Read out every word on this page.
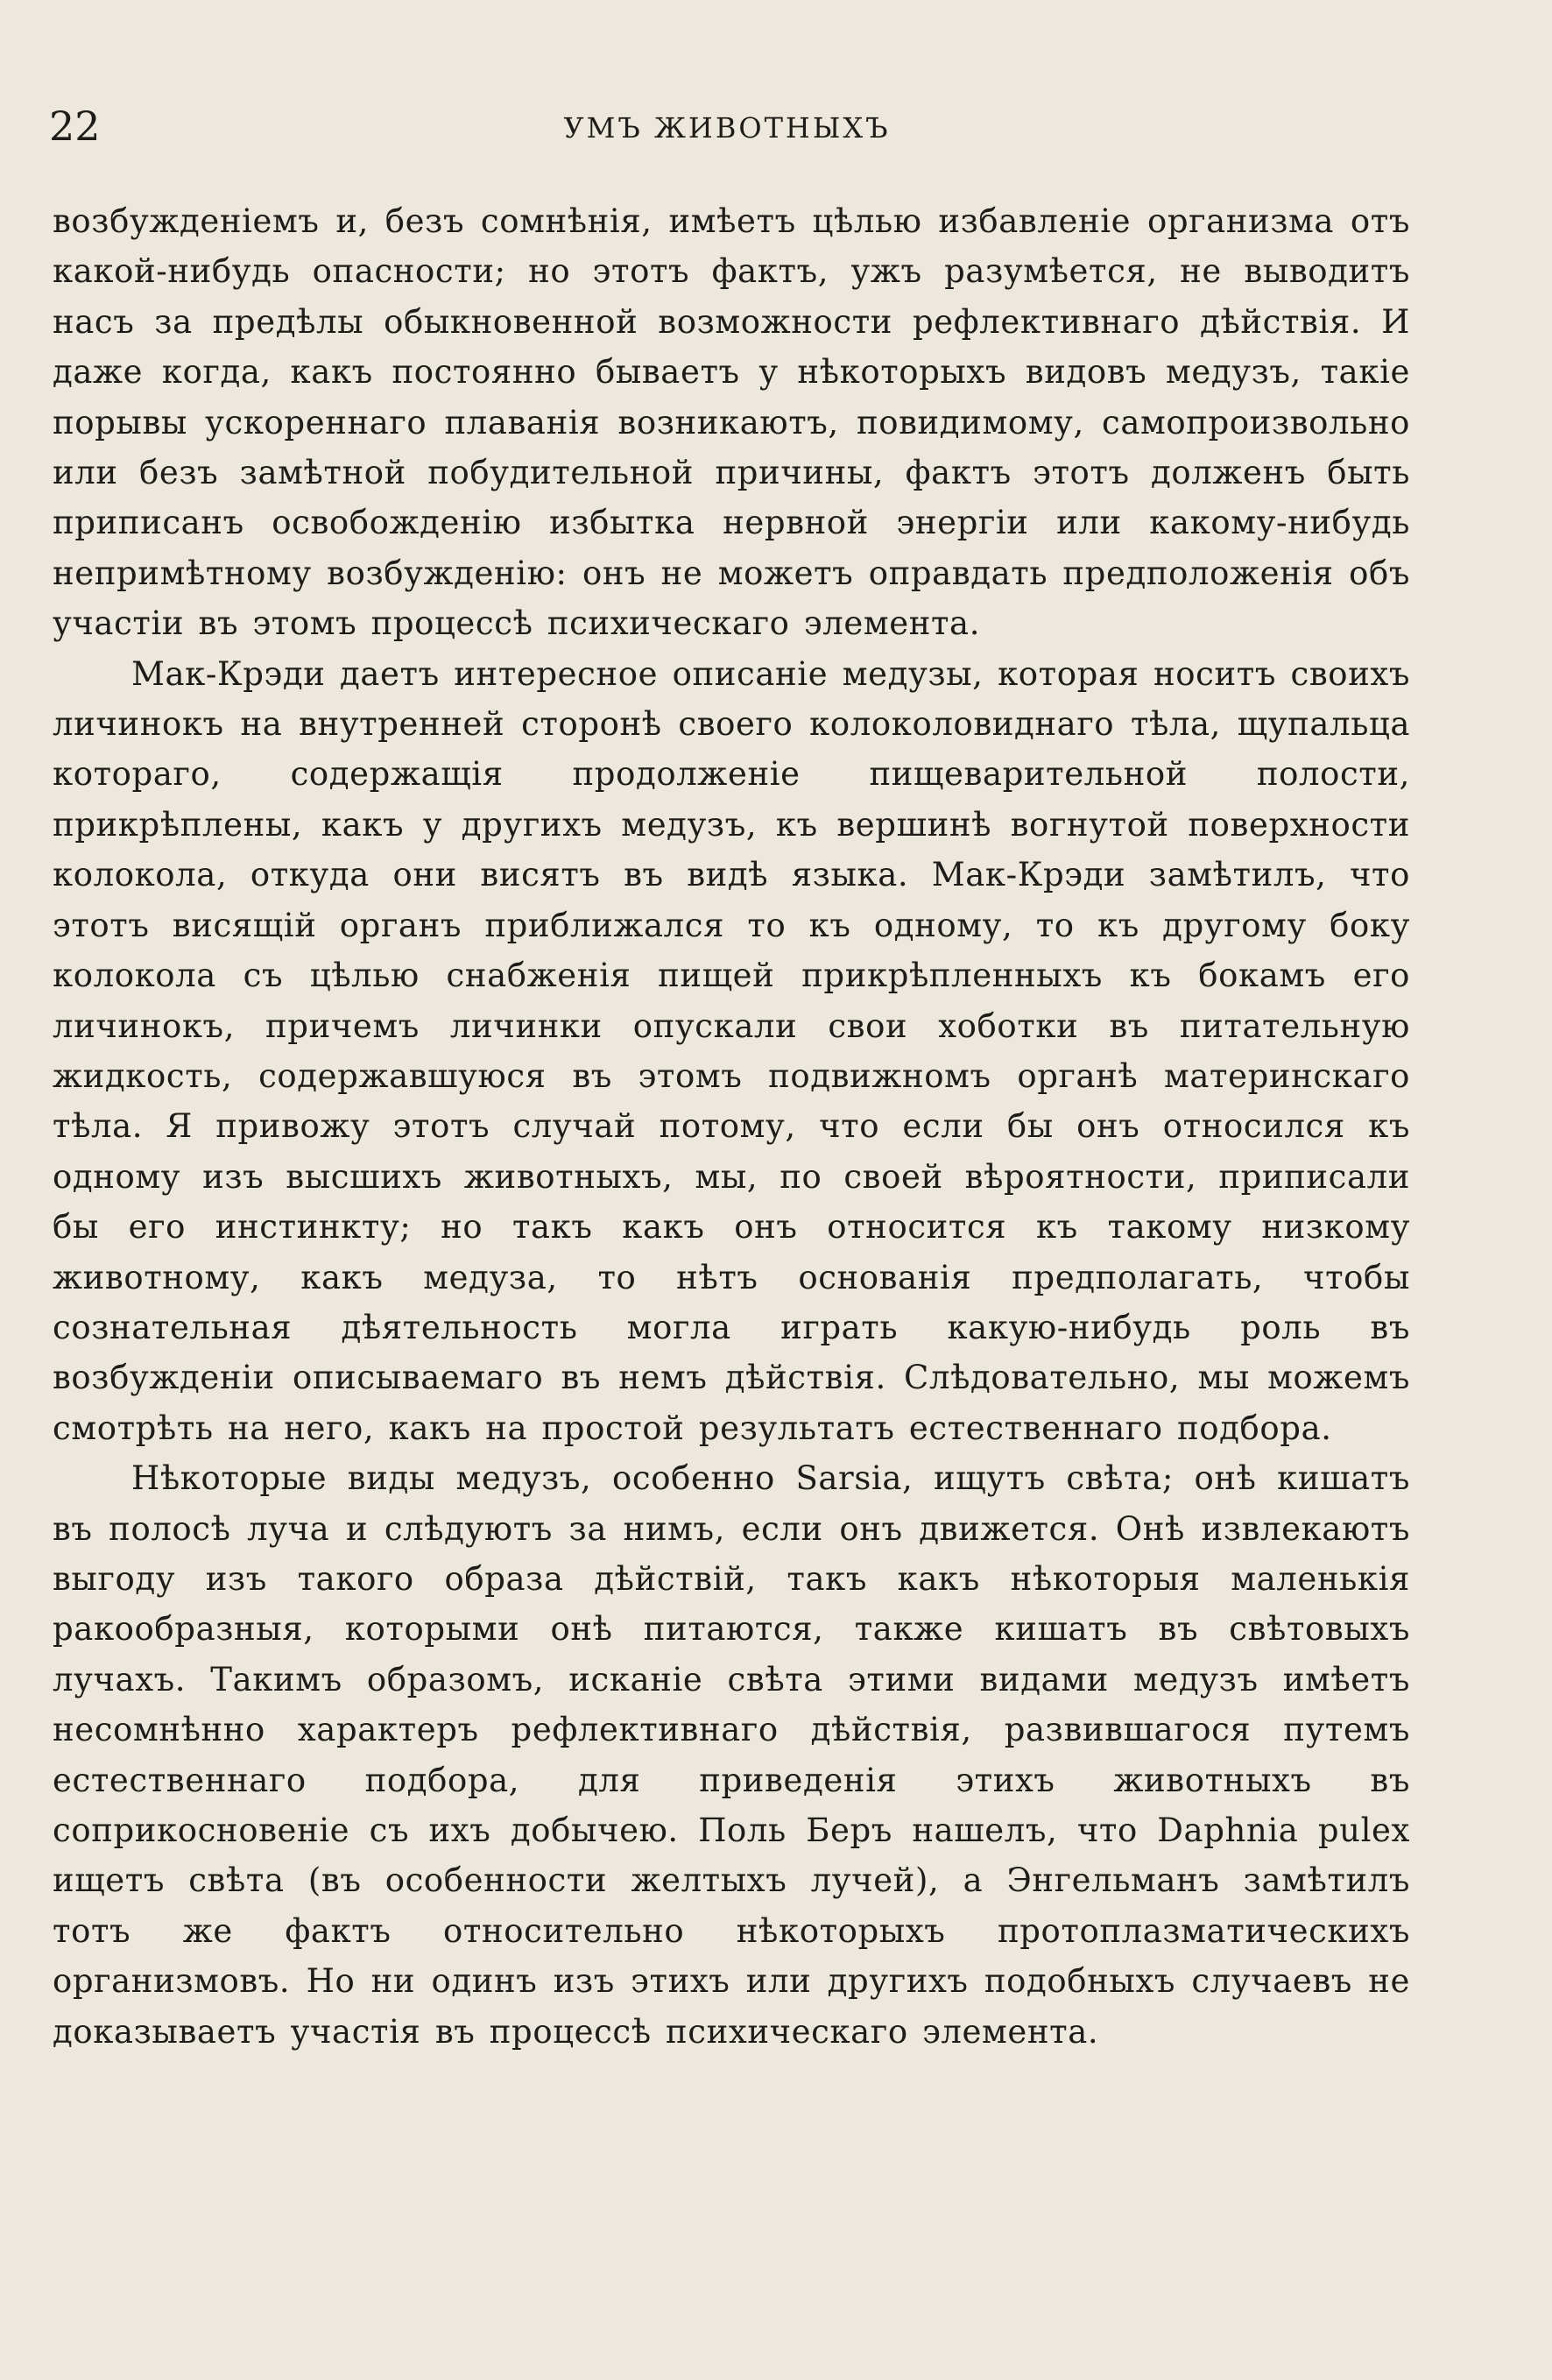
22	УМЪ ЖИВОТНЫХЪ

возбужденіемъ и, безъ сомнѣнія, имѣетъ цѣлью избавленіе организма отъ какой-нибудь опасности; но этотъ фактъ, ужъ разумѣется, не выводитъ насъ за предѣлы обыкновенной возможности рефлективнаго дѣйствія. И даже когда, какъ постоянно бываетъ у нѣкоторыхъ видовъ медузъ, такіе порывы ускореннаго плаванія возникаютъ, повидимому, самопроизвольно или безъ замѣтной побудительной причины, фактъ этотъ долженъ быть приписанъ освобожденію избытка нервной энергіи или какому-нибудь непримѣтному возбужденію: онъ не можетъ оправдать предположенія объ участіи въ этомъ процессѣ психическаго элемента.

Мак-Крэди даетъ интересное описаніе медузы, которая носитъ своихъ личинокъ на внутренней сторонѣ своего колоколовиднаго тѣла, щупальца котораго, содержащія продолженіе пищеварительной полости, прикрѣплены, какъ у другихъ медузъ, къ вершинѣ вогнутой поверхности колокола, откуда они висятъ въ видѣ языка. Мак-Крэди замѣтилъ, что этотъ висящій органъ приближался то къ одному, то къ другому боку колокола съ цѣлью снабженія пищей прикрѣпленныхъ къ бокамъ его личинокъ, причемъ личинки опускали свои хоботки въ питательную жидкость, содержавшуюся въ этомъ подвижномъ органѣ материнскаго тѣла. Я привожу этотъ случай потому, что если бы онъ относился къ одному изъ высшихъ животныхъ, мы, по своей вѣроятности, приписали бы его инстинкту; но такъ какъ онъ относится къ такому низкому животному, какъ медуза, то нѣтъ основанія предполагать, чтобы сознательная дѣятельность могла играть какую-нибудь роль въ возбужденіи описываемаго въ немъ дѣйствія. Слѣдовательно, мы можемъ смотрѣть на него, какъ на простой результатъ естественнаго подбора.

Нѣкоторые виды медузъ, особенно Sarsia, ищутъ свѣта; онѣ кишатъ въ полосѣ луча и слѣдуютъ за нимъ, если онъ движется. Онѣ извлекаютъ выгоду изъ такого образа дѣйствій, такъ какъ нѣкоторыя маленькія ракообразныя, которыми онѣ питаются, также кишатъ въ свѣтовыхъ лучахъ. Такимъ образомъ, исканіе свѣта этими видами медузъ имѣетъ несомнѣнно характеръ рефлективнаго дѣйствія, развившагося путемъ естественнаго подбора, для приведенія этихъ животныхъ въ соприкосновеніе съ ихъ добычею. Поль Беръ нашелъ, что Daphnia pulex ищетъ свѣта (въ особенности желтыхъ лучей), а Энгельманъ замѣтилъ тотъ же фактъ относительно нѣкоторыхъ протоплазматическихъ организмовъ. Но ни одинъ изъ этихъ или другихъ подобныхъ случаевъ не доказываетъ участія въ процессѣ психическаго элемента.
